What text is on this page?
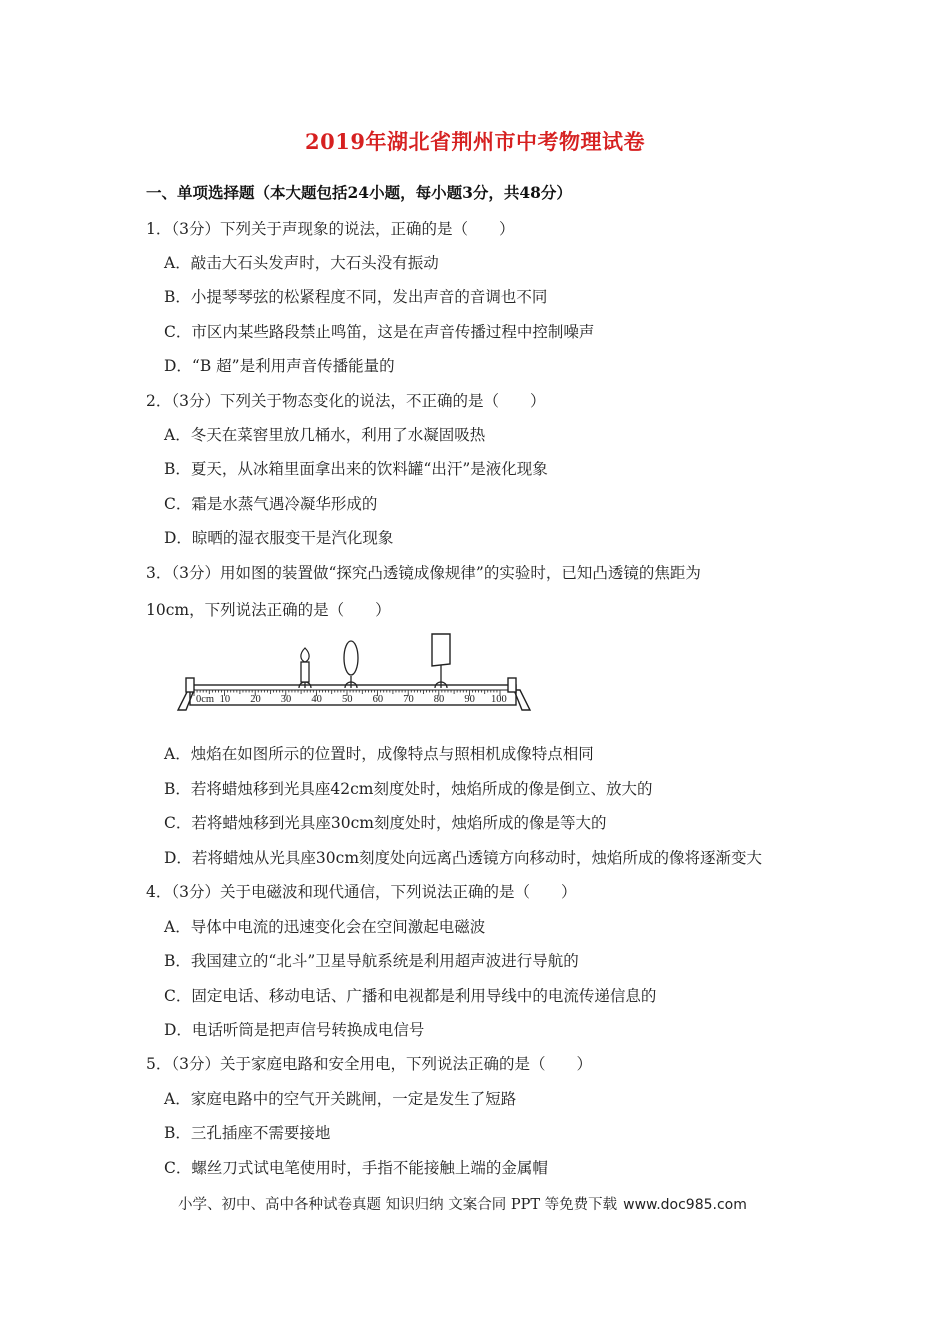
2019年湖北省荆州市中考物理试卷
一、单项选择题（本大题包括24小题，每小题3分，共48分）
1．（3分）下列关于声现象的说法，正确的是（　　）
A．敲击大石头发声时，大石头没有振动
B．小提琴琴弦的松紧程度不同，发出声音的音调也不同
C．市区内某些路段禁止鸣笛，这是在声音传播过程中控制噪声
D．“B 超”是利用声音传播能量的
2．（3分）下列关于物态变化的说法，不正确的是（　　）
A．冬天在菜窖里放几桶水，利用了水凝固吸热
B．夏天，从冰箱里面拿出来的饮料罐“出汗”是液化现象
C．霜是水蒸气遇冷凝华形成的
D．晾晒的湿衣服变干是汽化现象
3．（3分）用如图的装置做“探究凸透镜成像规律”的实验时，已知凸透镜的焦距为
10cm，下列说法正确的是（　　）
0cm 10 20 30 40 50 60 70 80 90 100
A．烛焰在如图所示的位置时，成像特点与照相机成像特点相同
B．若将蜡烛移到光具座42cm刻度处时，烛焰所成的像是倒立、放大的
C．若将蜡烛移到光具座30cm刻度处时，烛焰所成的像是等大的
D．若将蜡烛从光具座30cm刻度处向远离凸透镜方向移动时，烛焰所成的像将逐渐变大
4．（3分）关于电磁波和现代通信，下列说法正确的是（　　）
A．导体中电流的迅速变化会在空间激起电磁波
B．我国建立的“北斗”卫星导航系统是利用超声波进行导航的
C．固定电话、移动电话、广播和电视都是利用导线中的电流传递信息的
D．电话听筒是把声信号转换成电信号
5．（3分）关于家庭电路和安全用电，下列说法正确的是（　　）
A．家庭电路中的空气开关跳闸，一定是发生了短路
B．三孔插座不需要接地
C．螺丝刀式试电笔使用时，手指不能接触上端的金属帽
小学、初中、高中各种试卷真题 知识归纳 文案合同 PPT 等免费下载 www.doc985.com
